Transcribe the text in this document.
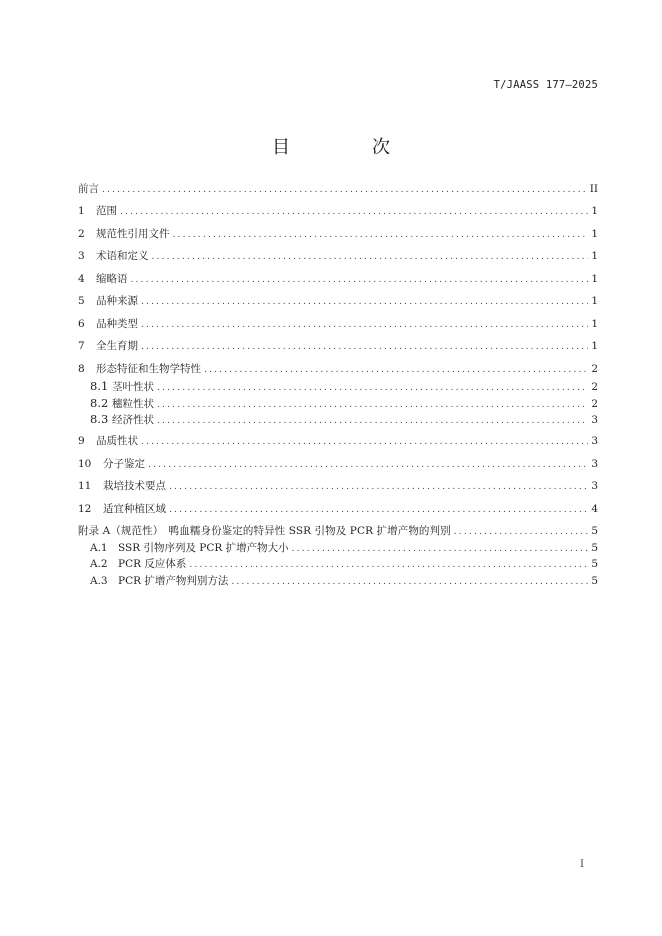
T/JAASS 177—2025
目　次
前言 .....	II
1	范围 .....	1
2	规范性引用文件 .....	1
3	术语和定义 .....	1
4	缩略语 .....	1
5	品种来源 .....	1
6	品种类型 .....	1
7	全生育期 .....	1
8	形态特征和生物学特性 .....	2
8.1 茎叶性状 .....	2
8.2 穗粒性状 .....	2
8.3 经济性状 .....	3
9	品质性状 .....	3
10	分子鉴定 .....	3
11	栽培技术要点 .....	3
12	适宜种植区域 .....	4
附录 A（规范性）　鸭血糯身份鉴定的特异性 SSR 引物及 PCR 扩增产物的判别 .....	5
A.1 SSR 引物序列及 PCR 扩增产物大小 .....	5
A.2 PCR 反应体系 .....	5
A.3 PCR 扩增产物判别方法 .....	5
I
